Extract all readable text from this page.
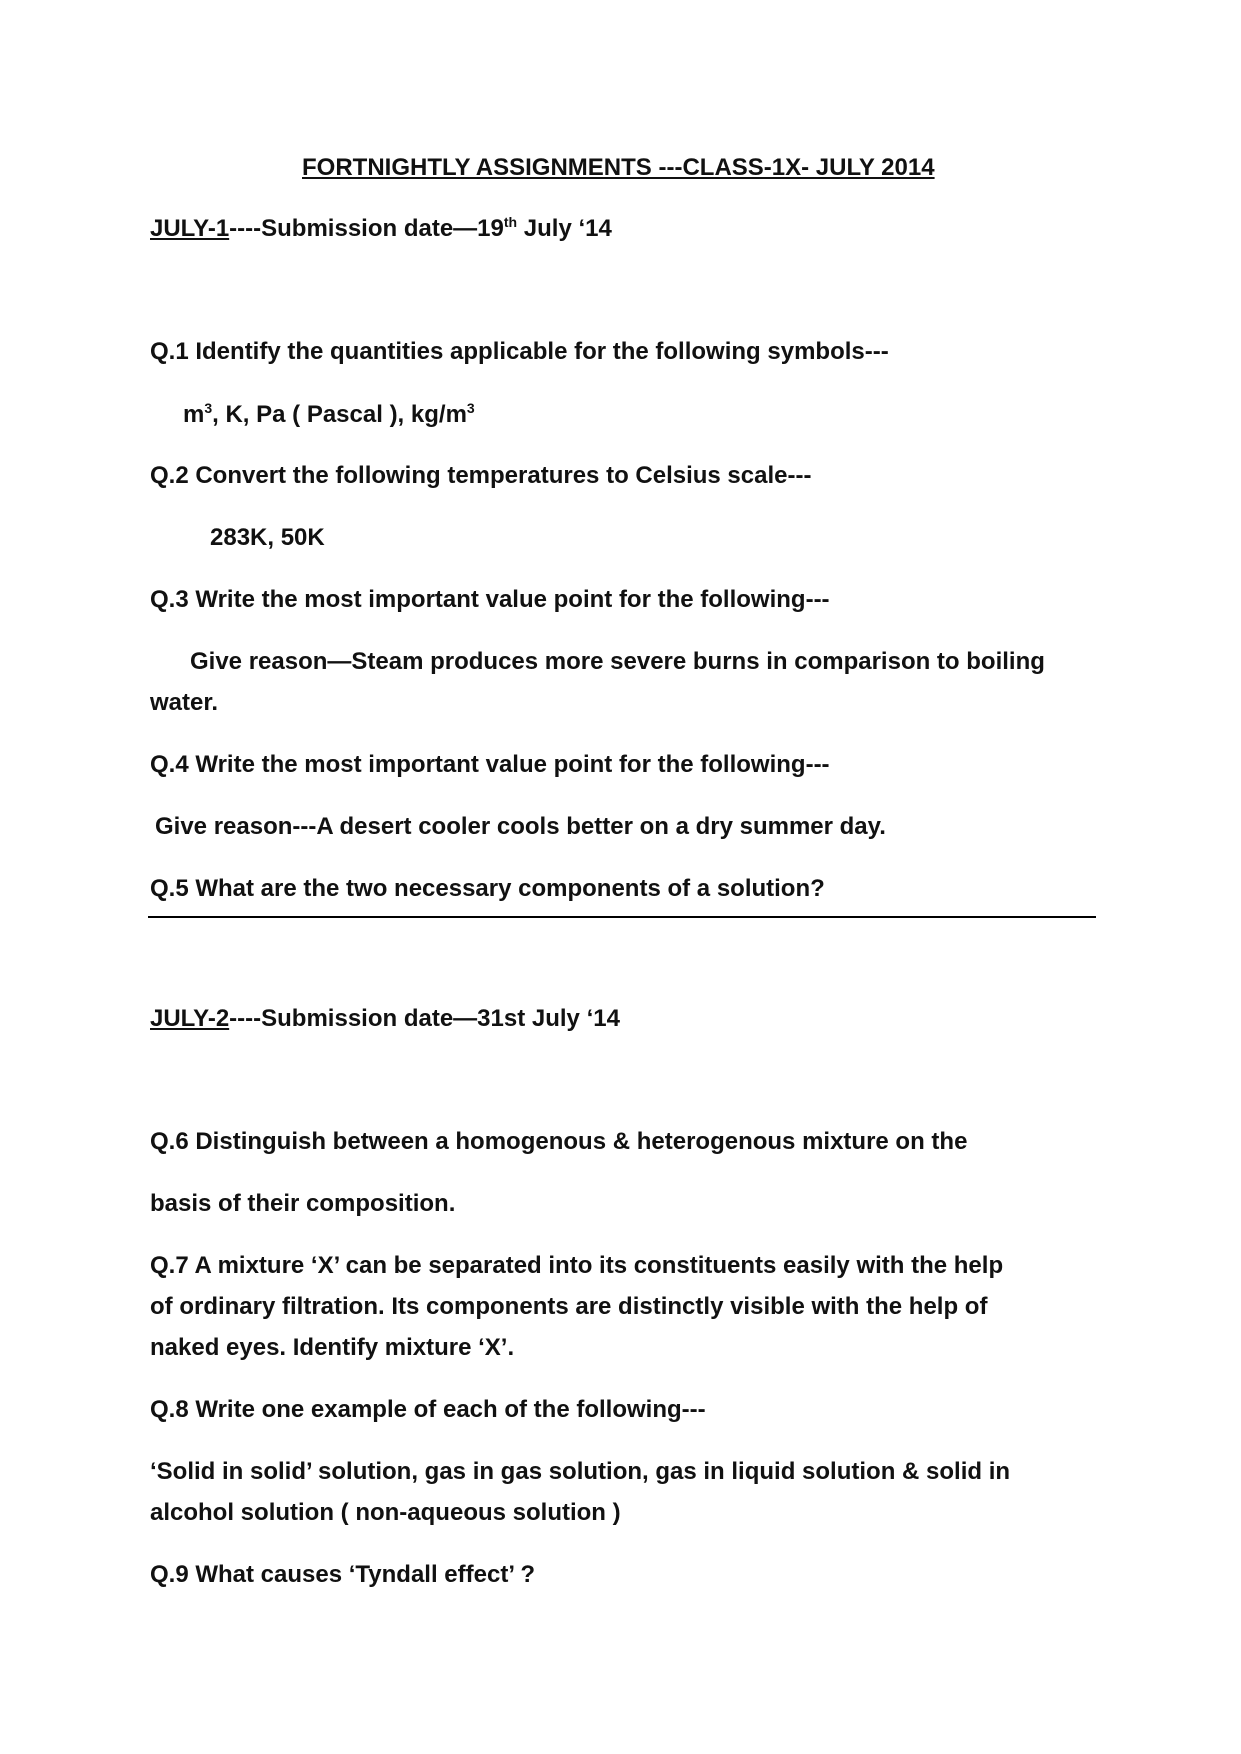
FORTNIGHTLY ASSIGNMENTS ---CLASS-1X- JULY 2014
JULY-1----Submission date—19th July ‘14
Q.1 Identify the quantities applicable for the following symbols---
$m^3$, K, Pa ( Pascal ), $kg/m^3$
Q.2 Convert the following temperatures to Celsius scale---
283K, 50K
Q.3 Write the most important value point for the following---
Give reason—Steam produces more severe burns in comparison to boiling
water.
Q.4 Write the most important value point for the following---
Give reason---A desert cooler cools better on a dry summer day.
Q.5 What are the two necessary components of a solution?
JULY-2----Submission date—31st July ‘14
Q.6 Distinguish between a homogenous & heterogenous mixture on the
basis of their composition.
Q.7 A mixture ‘X’ can be separated into its constituents easily with the help
of ordinary filtration. Its components are distinctly visible with the help of
naked eyes. Identify mixture ‘X’.
Q.8 Write one example of each of the following---
‘Solid in solid’ solution, gas in gas solution, gas in liquid solution & solid in
alcohol solution ( non-aqueous solution )
Q.9 What causes ‘Tyndall effect’ ?
